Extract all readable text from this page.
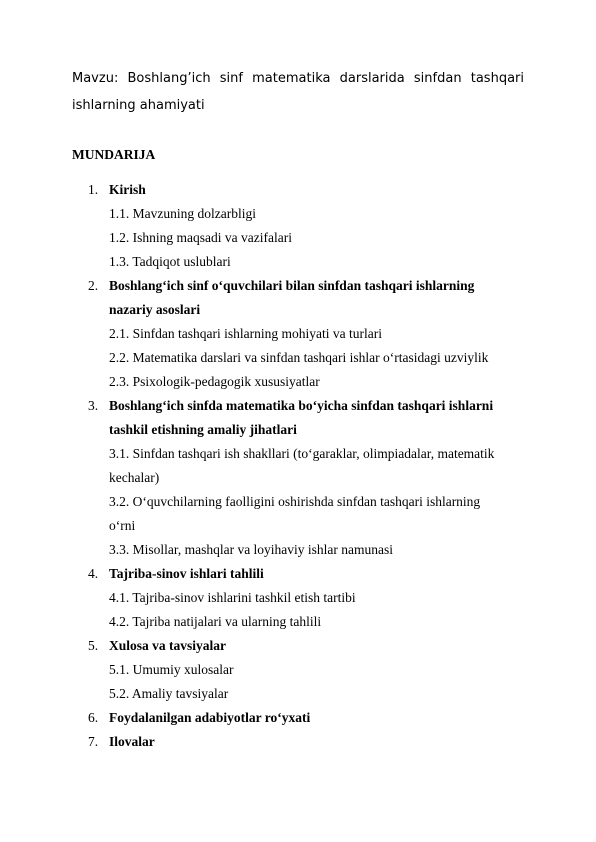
Mavzu: Boshlang’ich sinf matematika darslarida sinfdan tashqari ishlarning ahamiyati
MUNDARIJA
1. Kirish
1.1. Mavzuning dolzarbligi
1.2. Ishning maqsadi va vazifalari
1.3. Tadqiqot uslublari
2. Boshlang‘ich sinf o‘quvchilari bilan sinfdan tashqari ishlarning nazariy asoslari
2.1. Sinfdan tashqari ishlarning mohiyati va turlari
2.2. Matematika darslari va sinfdan tashqari ishlar o‘rtasidagi uzviylik
2.3. Psixologik-pedagogik xususiyatlar
3. Boshlang‘ich sinfda matematika bo‘yicha sinfdan tashqari ishlarni tashkil etishning amaliy jihatlari
3.1. Sinfdan tashqari ish shakllari (to‘garaklar, olimpiadalar, matematik kechalar)
3.2. O‘quvchilarning faolligini oshirishda sinfdan tashqari ishlarning o‘rni
3.3. Misollar, mashqlar va loyihaviy ishlar namunasi
4. Tajriba-sinov ishlari tahlili
4.1. Tajriba-sinov ishlarini tashkil etish tartibi
4.2. Tajriba natijalari va ularning tahlili
5. Xulosa va tavsiyalar
5.1. Umumiy xulosalar
5.2. Amaliy tavsiyalar
6. Foydalanilgan adabiyotlar ro‘yxati
7. Ilovalar
